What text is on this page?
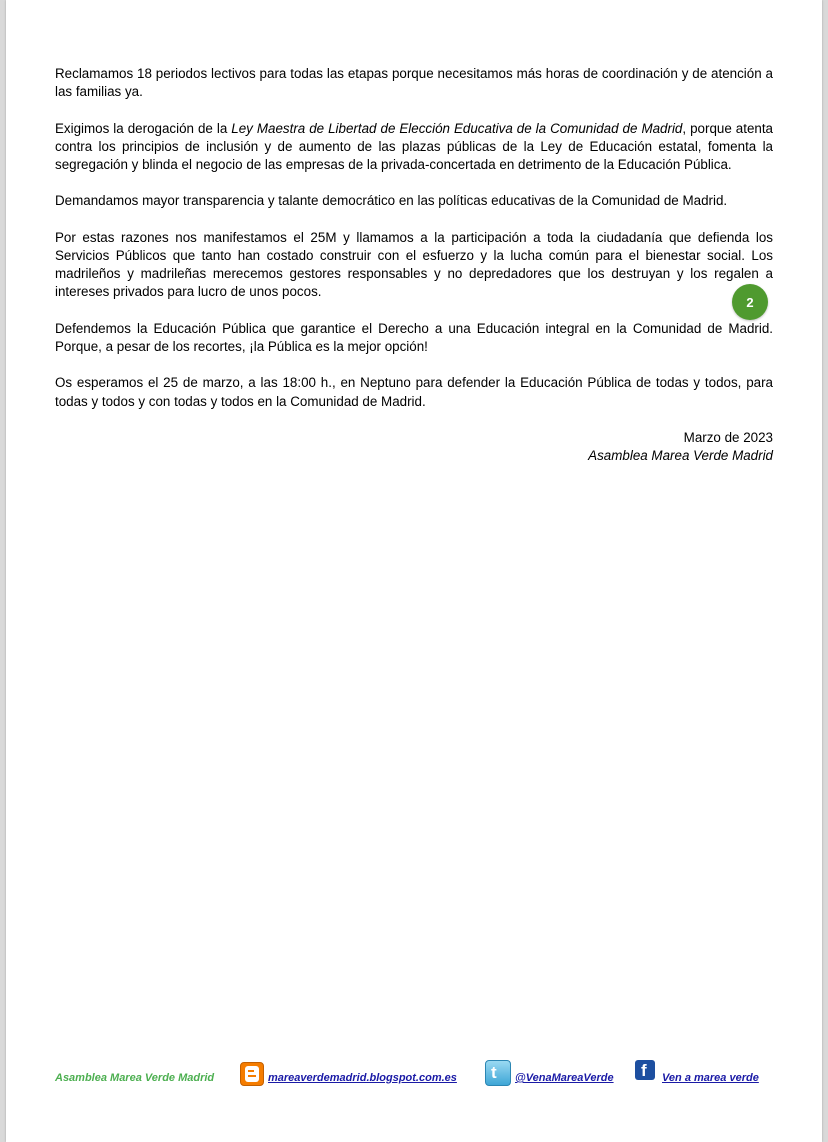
Reclamamos 18 periodos lectivos para todas las etapas porque necesitamos más horas de coordinación y de atención a las familias ya.

Exigimos la derogación de la Ley Maestra de Libertad de Elección Educativa de la Comunidad de Madrid, porque atenta contra los principios de inclusión y de aumento de las plazas públicas de la Ley de Educación estatal, fomenta la segregación y blinda el negocio de las empresas de la privada-concertada en detrimento de la Educación Pública.

Demandamos mayor transparencia y talante democrático en las políticas educativas de la Comunidad de Madrid.

Por estas razones nos manifestamos el 25M y llamamos a la participación a toda la ciudadanía que defienda los Servicios Públicos que tanto han costado construir con el esfuerzo y la lucha común para el bienestar social. Los madrileños y madrileñas merecemos gestores responsables y no depredadores que los destruyan y los regalen a intereses privados para lucro de unos pocos.

Defendemos la Educación Pública que garantice el Derecho a una Educación integral en la Comunidad de Madrid. Porque, a pesar de los recortes, ¡la Pública es la mejor opción!

Os esperamos el 25 de marzo, a las 18:00 h., en Neptuno para defender la Educación Pública de todas y todos, para todas y todos y con todas y todos en la Comunidad de Madrid.

Marzo de 2023
Asamblea Marea Verde Madrid
2
Asamblea Marea Verde Madrid	mareaverdemadrid.blogspot.com.es t @VenaMareaVerde f Ven a marea verde
